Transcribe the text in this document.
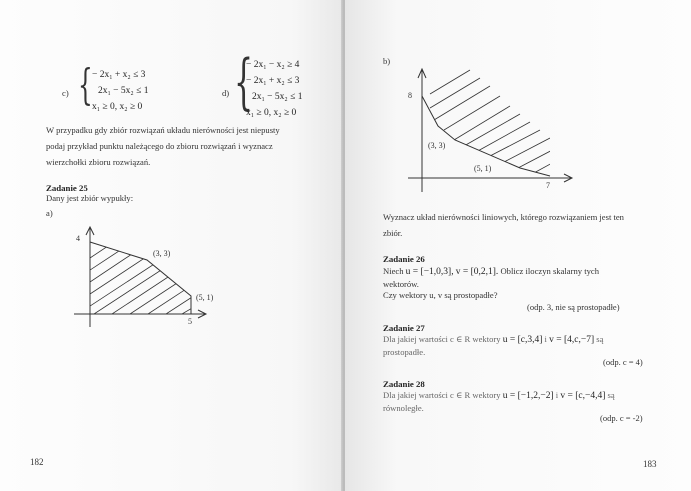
c) { − 2x₁ + x₂ ≤ 3
2x₁ − 5x₂ ≤ 1
x₁ ≥ 0, x₂ ≥ 0
d) {
− 2x₁ − x₂ ≥ 4
− 2x₁ + x₂ ≤ 3
2x₁ − 5x₂ ≤ 1
x₁ ≥ 0, x₂ ≥ 0
W przypadku gdy zbiór rozwiązań układu nierówności jest niepusty
podaj przykład punktu należącego do zbioru rozwiązań i wyznacz
wierzchołki zbioru rozwiązań.
Zadanie 25
Dany jest zbiór wypukły:
a)
4
5
(3, 3)
(5, 1)
182
b)
8
7
(3, 3)
(5, 1)
Wyznacz układ nierówności liniowych, którego rozwiązaniem jest ten
zbiór.
Zadanie 26
Niech u = [−1,0,3], v = [0,2,1]. Oblicz iloczyn skalarny tych
wektorów.
Czy wektory u, v są prostopadłe?
(odp. 3, nie są prostopadłe)
Zadanie 27
Dla jakiej wartości c ∈ R wektory u = [c,3,4] i v = [4,c,−7] są
prostopadłe.
(odp. c = 4)
Zadanie 28
Dla jakiej wartości c ∈ R wektory u = [−1,2,−2] i v = [c,−4,4] są
równoległe.
(odp. c = -2)
183
